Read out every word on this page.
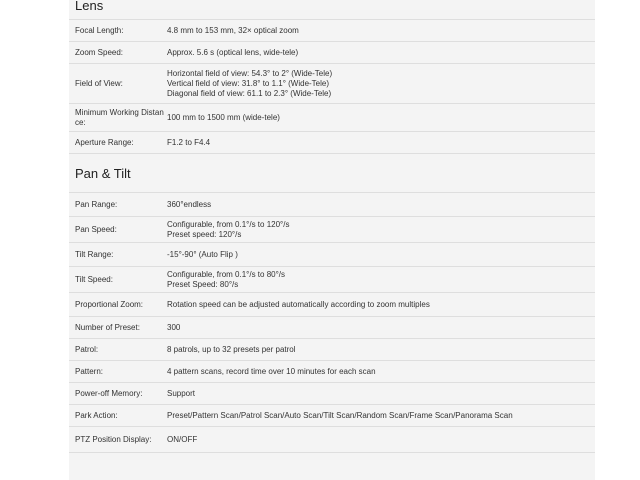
Lens
Focal Length:	4.8 mm to 153 mm, 32× optical zoom
Zoom Speed:	Approx. 5.6 s (optical lens, wide-tele)
Field of View:
Horizontal field of view: 54.3° to 2° (Wide-Tele)
Vertical field of view: 31.8° to 1.1° (Wide-Tele)
Diagonal field of view: 61.1 to 2.3° (Wide-Tele)
Minimum Working Distance:
100 mm to 1500 mm (wide-tele)
Aperture Range:	F1.2 to F4.4
Pan & Tilt
Pan Range:	360°endless
Pan Speed:
Configurable, from 0.1°/s to 120°/s
Preset speed: 120°/s
Tilt Range:	-15°-90° (Auto Flip )
Tilt Speed:
Configurable, from 0.1°/s to 80°/s
Preset Speed: 80°/s
Proportional Zoom:	Rotation speed can be adjusted automatically according to zoom multiples
Number of Preset:	300
Patrol:	8 patrols, up to 32 presets per patrol
Pattern:	4 pattern scans, record time over 10 minutes for each scan
Power-off Memory:	Support
Park Action:	Preset/Pattern Scan/Patrol Scan/Auto Scan/Tilt Scan/Random Scan/Frame Scan/Panorama Scan
PTZ Position Display:	ON/OFF
